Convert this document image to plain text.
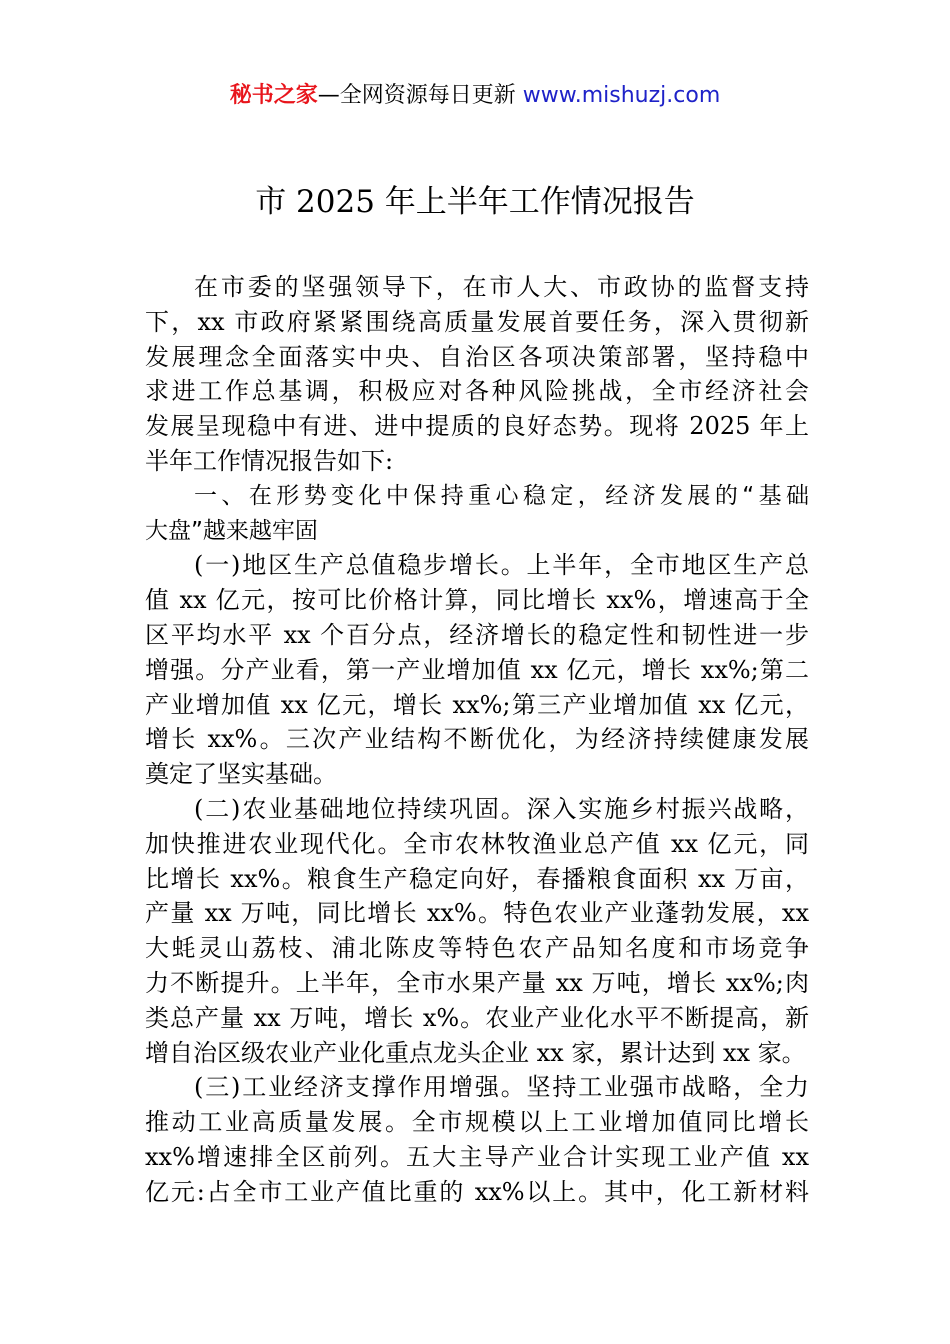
秘书之家—全网资源每日更新 www.mishuzj.com
市 2025 年上半年工作情况报告
在市委的坚强领导下，在市人大、市政协的监督支持
下，xx 市政府紧紧围绕高质量发展首要任务，深入贯彻新
发展理念全面落实中央、自治区各项决策部署，坚持稳中
求进工作总基调，积极应对各种风险挑战，全市经济社会
发展呈现稳中有进、进中提质的良好态势。现将 2025 年上
半年工作情况报告如下:
一、在形势变化中保持重心稳定，经济发展的“基础
大盘”越来越牢固
(一)地区生产总值稳步增长。上半年，全市地区生产总
值 xx 亿元，按可比价格计算，同比增长 xx%，增速高于全
区平均水平 xx 个百分点，经济增长的稳定性和韧性进一步
增强。分产业看，第一产业增加值 xx 亿元，增长 xx%;第二
产业增加值 xx 亿元，增长 xx%;第三产业增加值 xx 亿元，
增长 xx%。三次产业结构不断优化，为经济持续健康发展
奠定了坚实基础。
(二)农业基础地位持续巩固。深入实施乡村振兴战略，
加快推进农业现代化。全市农林牧渔业总产值 xx 亿元，同
比增长 xx%。粮食生产稳定向好，春播粮食面积 xx 万亩，
产量 xx 万吨，同比增长 xx%。特色农业产业蓬勃发展，xx
大蚝灵山荔枝、浦北陈皮等特色农产品知名度和市场竞争
力不断提升。上半年，全市水果产量 xx 万吨，增长 xx%;肉
类总产量 xx 万吨，增长 x%。农业产业化水平不断提高，新
增自治区级农业产业化重点龙头企业 xx 家，累计达到 xx 家。
(三)工业经济支撑作用增强。坚持工业强市战略，全力
推动工业高质量发展。全市规模以上工业增加值同比增长
xx%增速排全区前列。五大主导产业合计实现工业产值 xx
亿元:占全市工业产值比重的 xx%以上。其中，化工新材料
